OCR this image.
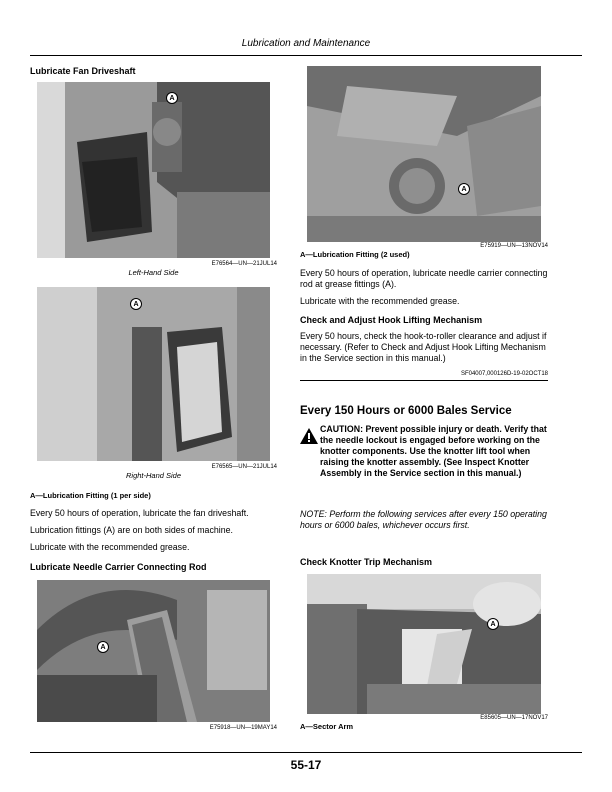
Lubrication and Maintenance
Lubricate Fan Driveshaft
A
E76564—UN—21JUL14
Left-Hand Side
A
E76565—UN—21JUL14
Right-Hand Side
A—Lubrication Fitting (1 per side)
Every 50 hours of operation, lubricate the fan driveshaft.
Lubrication fittings (A) are on both sides of machine.
Lubricate with the recommended grease.
Lubricate Needle Carrier Connecting Rod
A
E75918—UN—19MAY14
A
E75919—UN—13NOV14
A—Lubrication Fitting (2 used)
Every 50 hours of operation, lubricate needle carrier connecting rod at grease fittings (A).
Lubricate with the recommended grease.
Check and Adjust Hook Lifting Mechanism
Every 50 hours, check the hook-to-roller clearance and adjust if necessary. (Refer to Check and Adjust Hook Lifting Mechanism in the Service section in this manual.)
SF04007,000126D-19-02OCT18
Every 150 Hours or 6000 Bales Service
CAUTION: Prevent possible injury or death. Verify that the needle lockout is engaged before working on the knotter components. Use the knotter lift tool when raising the knotter assembly. (See Inspect Knotter Assembly in the Service section in this manual.)
NOTE: Perform the following services after every 150 operating hours or 6000 bales, whichever occurs first.
Check Knotter Trip Mechanism
A
E85605—UN—17NOV17
A—Sector Arm
55-17
